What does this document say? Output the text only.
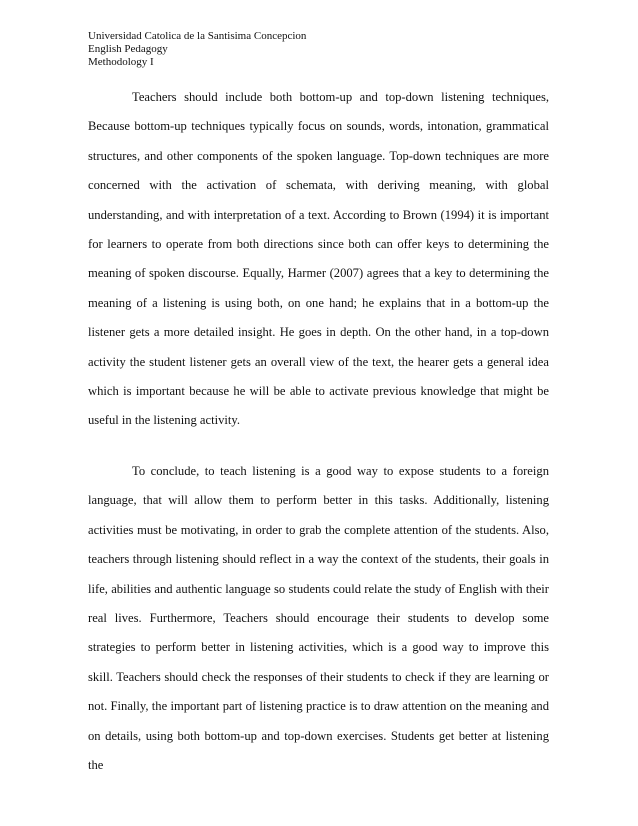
Universidad Catolica de la Santisima Concepcion
English Pedagogy
Methodology I

Teachers should include both bottom-up and top-down listening techniques, Because bottom-up techniques typically focus on sounds, words, intonation, grammatical structures, and other components of the spoken language. Top-down techniques are more concerned with the activation of schemata, with deriving meaning, with global understanding, and with interpretation of a text. According to Brown (1994) it is important for learners to operate from both directions since both can offer keys to determining the meaning of spoken discourse. Equally, Harmer (2007) agrees that a key to determining the meaning of a listening is using both, on one hand; he explains that in a bottom-up the listener gets a more detailed insight. He goes in depth. On the other hand, in a top-down activity the student listener gets an overall view of the text, the hearer gets a general idea which is important because he will be able to activate previous knowledge that might be useful in the listening activity.

To conclude, to teach listening is a good way to expose students to a foreign language, that will allow them to perform better in this tasks. Additionally, listening activities must be motivating, in order to grab the complete attention of the students. Also, teachers through listening should reflect in a way the context of the students, their goals in life, abilities and authentic language so students could relate the study of English with their real lives. Furthermore, Teachers should encourage their students to develop some strategies to perform better in listening activities, which is a good way to improve this skill. Teachers should check the responses of their students to check if they are learning or not. Finally, the important part of listening practice is to draw attention on the meaning and on details, using both bottom-up and top-down exercises. Students get better at listening the
